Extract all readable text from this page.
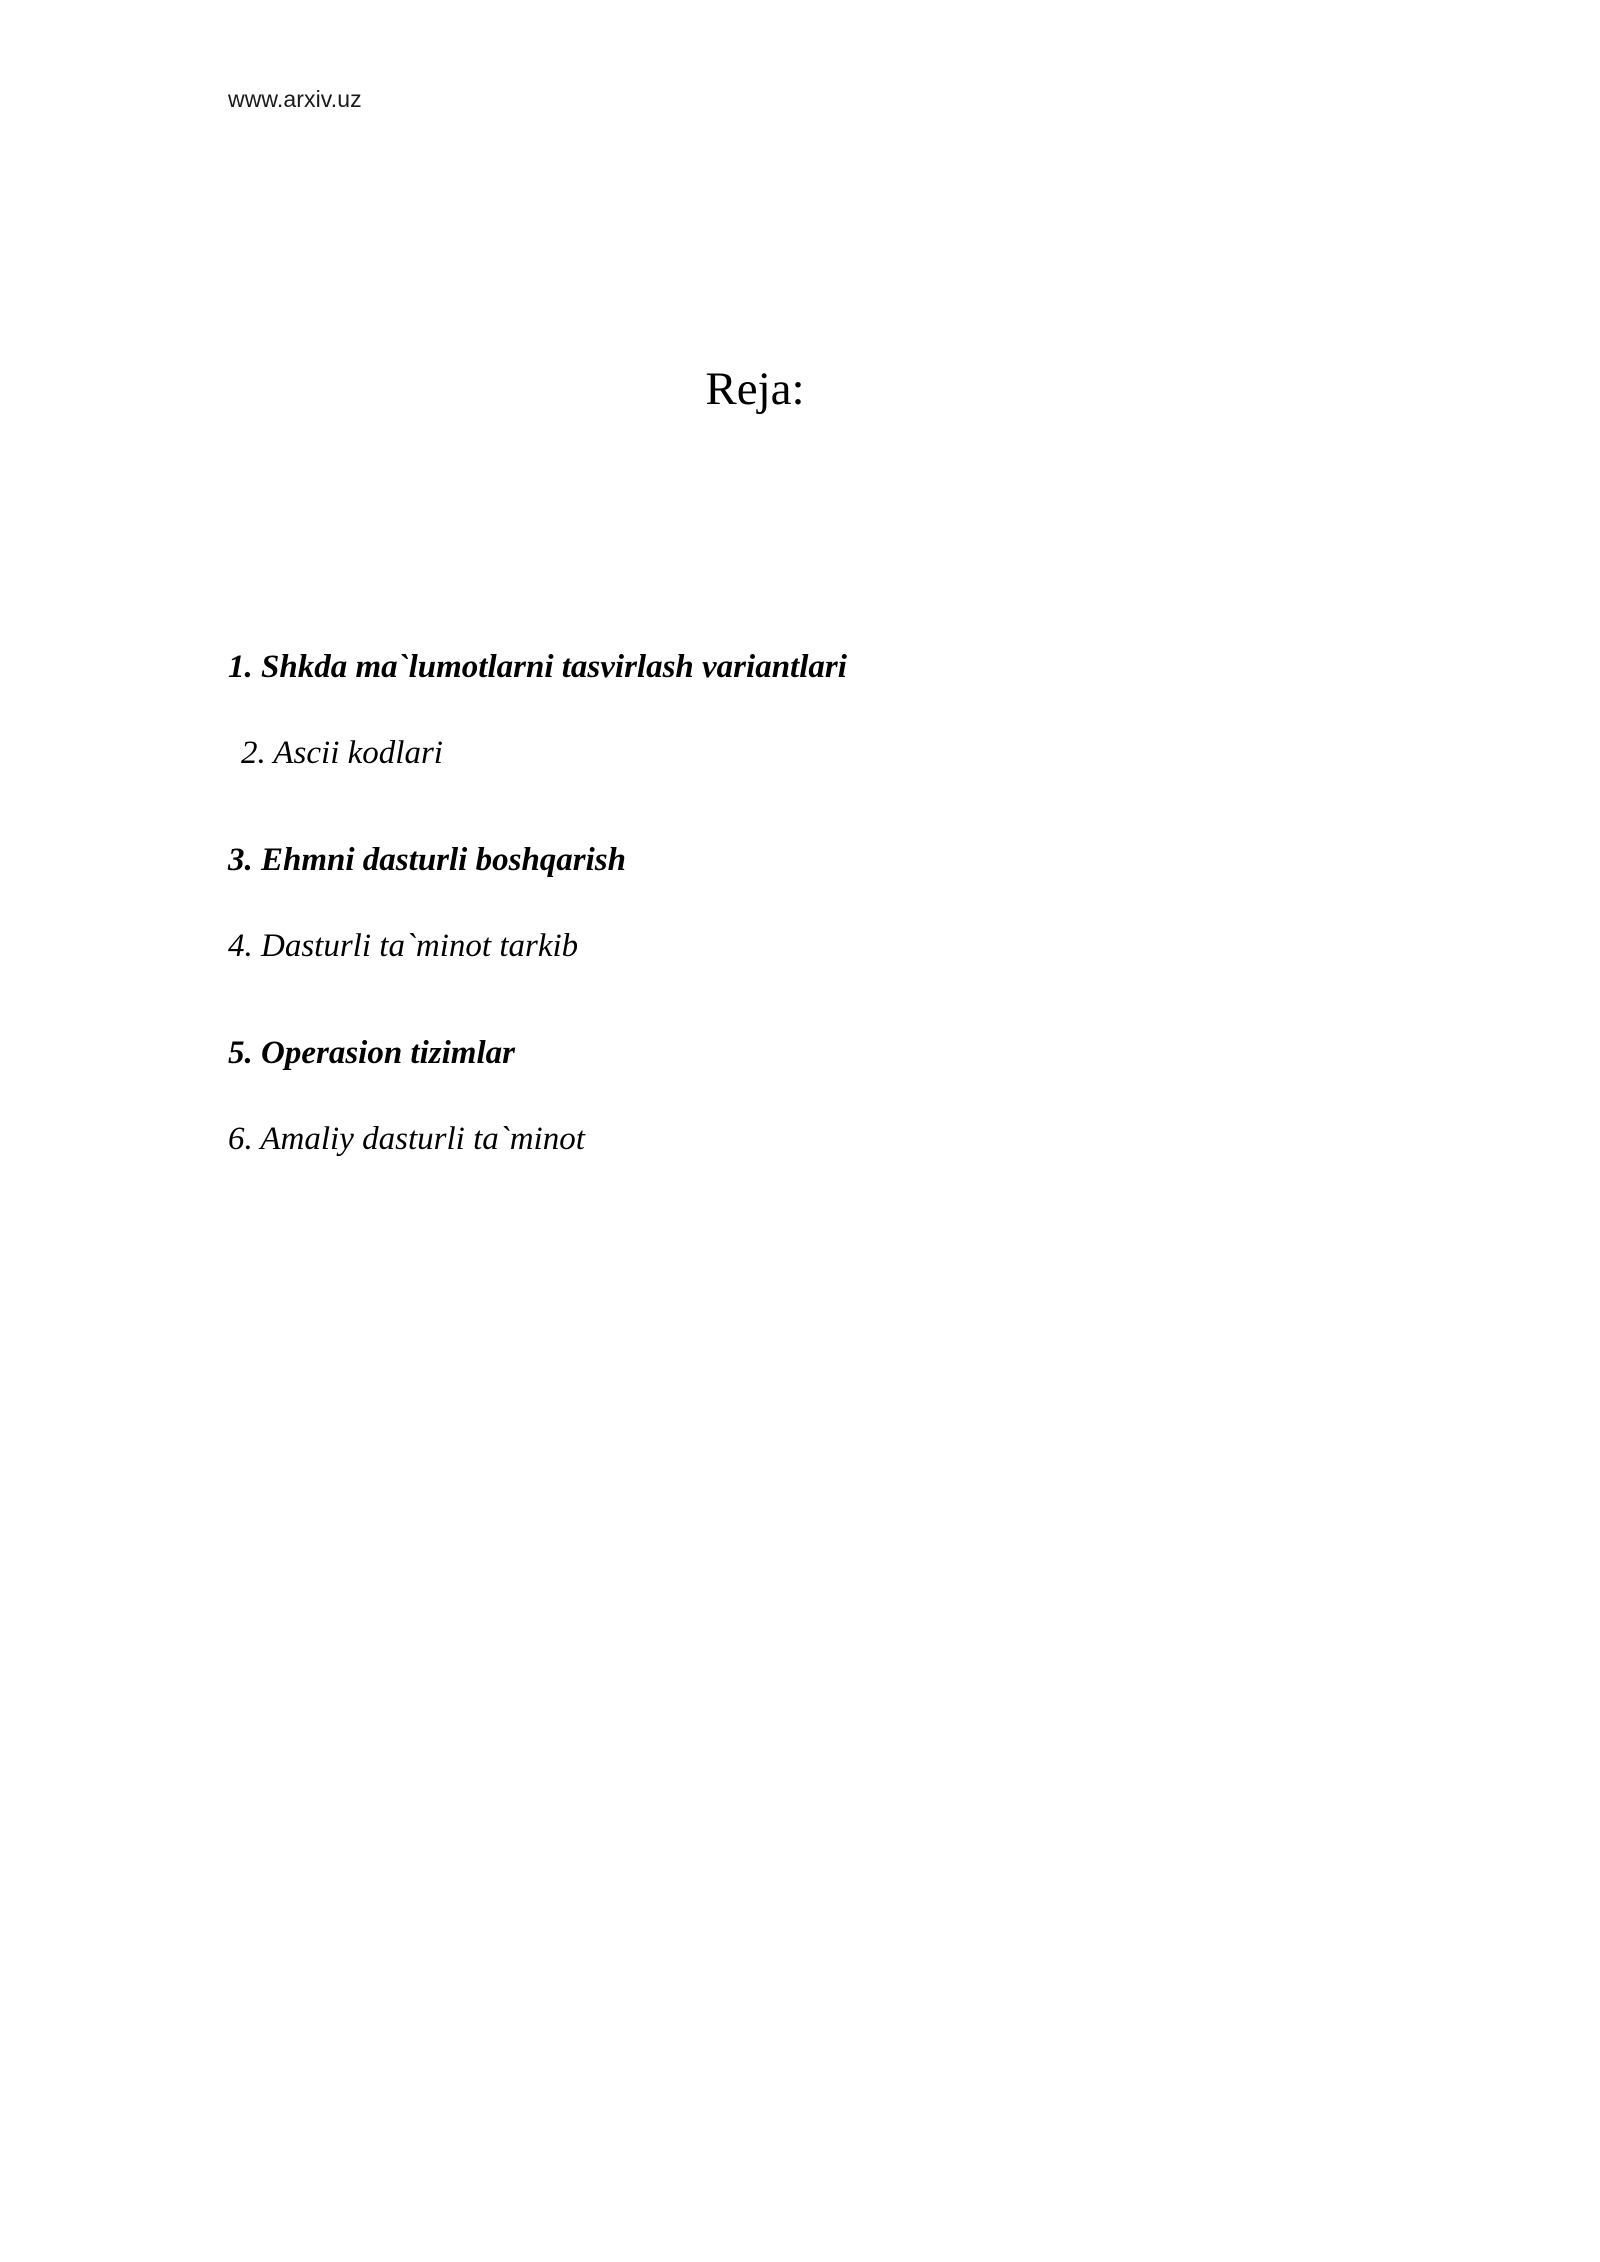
www.arxiv.uz
Reja:
1. Shkda ma`lumotlarni tasvirlash variantlari
2. Ascii kodlari
3. Ehmni dasturli boshqarish
4. Dasturli ta`minot tarkib
5. Operasion tizimlar
6. Amaliy dasturli ta`minot
